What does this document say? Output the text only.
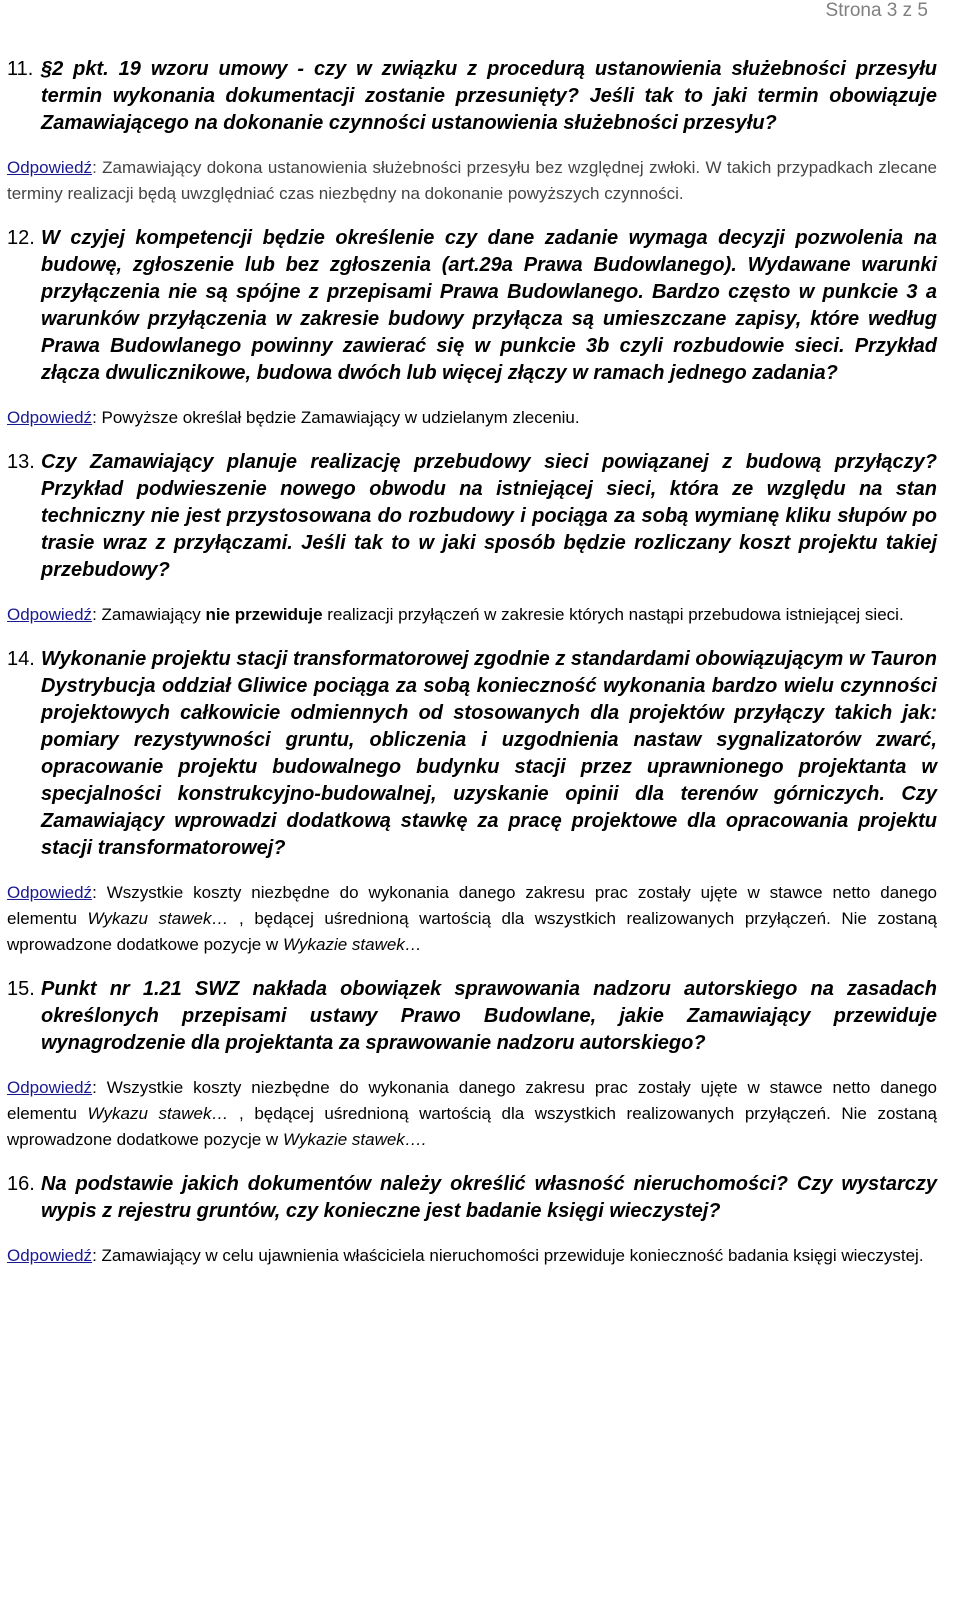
Strona 3 z 5

11. §2 pkt. 19 wzoru umowy - czy w związku z procedurą ustanowienia służebności przesyłu termin wykonania dokumentacji zostanie przesunięty? Jeśli tak to jaki termin obowiązuje Zamawiającego na dokonanie czynności ustanowienia służebności przesyłu?

Odpowiedź: Zamawiający dokona ustanowienia służebności przesyłu bez względnej zwłoki. W takich przypadkach zlecane terminy realizacji będą uwzględniać czas niezbędny na dokonanie powyższych czynności.

12. W czyjej kompetencji będzie określenie czy dane zadanie wymaga decyzji pozwolenia na budowę, zgłoszenie lub bez zgłoszenia (art.29a Prawa Budowlanego). Wydawane warunki przyłączenia nie są spójne z przepisami Prawa Budowlanego. Bardzo często w punkcie 3 a warunków przyłączenia w zakresie budowy przyłącza są umieszczane zapisy, które według Prawa Budowlanego powinny zawierać się w punkcie 3b czyli rozbudowie sieci. Przykład złącza dwulicznikowe, budowa dwóch lub więcej złączy w ramach jednego zadania?

Odpowiedź: Powyższe określał będzie Zamawiający w udzielanym zleceniu.

13. Czy Zamawiający planuje realizację przebudowy sieci powiązanej z budową przyłączy? Przykład podwieszenie nowego obwodu na istniejącej sieci, która ze względu na stan techniczny nie jest przystosowana do rozbudowy i pociąga za sobą wymianę kliku słupów po trasie wraz z przyłączami. Jeśli tak to w jaki sposób będzie rozliczany koszt projektu takiej przebudowy?

Odpowiedź: Zamawiający nie przewiduje realizacji przyłączeń w zakresie których nastąpi przebudowa istniejącej sieci.

14. Wykonanie projektu stacji transformatorowej zgodnie z standardami obowiązującym w Tauron Dystrybucja oddział Gliwice pociąga za sobą konieczność wykonania bardzo wielu czynności projektowych całkowicie odmiennych od stosowanych dla projektów przyłączy takich jak: pomiary rezystywności gruntu, obliczenia i uzgodnienia nastaw sygnalizatorów zwarć, opracowanie projektu budowalnego budynku stacji przez uprawnionego projektanta w specjalności konstrukcyjno-budowalnej, uzyskanie opinii dla terenów górniczych. Czy Zamawiający wprowadzi dodatkową stawkę za pracę projektowe dla opracowania projektu stacji transformatorowej?

Odpowiedź: Wszystkie koszty niezbędne do wykonania danego zakresu prac zostały ujęte w stawce netto danego elementu Wykazu stawek… , będącej uśrednioną wartością dla wszystkich realizowanych przyłączeń. Nie zostaną wprowadzone dodatkowe pozycje w Wykazie stawek…

15. Punkt nr 1.21 SWZ nakłada obowiązek sprawowania nadzoru autorskiego na zasadach określonych przepisami ustawy Prawo Budowlane, jakie Zamawiający przewiduje wynagrodzenie dla projektanta za sprawowanie nadzoru autorskiego?

Odpowiedź: Wszystkie koszty niezbędne do wykonania danego zakresu prac zostały ujęte w stawce netto danego elementu Wykazu stawek… , będącej uśrednioną wartością dla wszystkich realizowanych przyłączeń. Nie zostaną wprowadzone dodatkowe pozycje w Wykazie stawek….

16. Na podstawie jakich dokumentów należy określić własność nieruchomości? Czy wystarczy wypis z rejestru gruntów, czy konieczne jest badanie księgi wieczystej?

Odpowiedź: Zamawiający w celu ujawnienia właściciela nieruchomości przewiduje konieczność badania księgi wieczystej.
